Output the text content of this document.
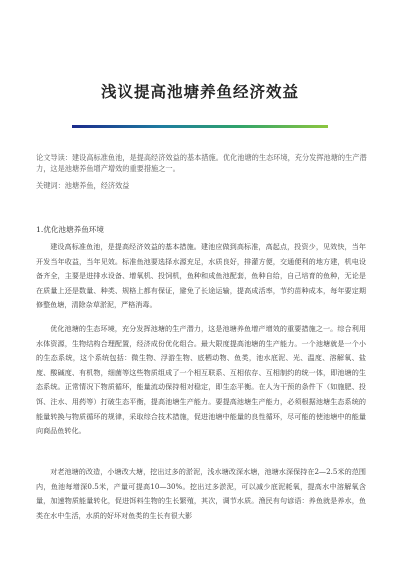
浅议提高池塘养鱼经济效益
论文导读：建设高标准鱼池，是提高经济效益的基本措施。优化池塘的生态环境，充分发挥池塘的生产潜力，这是池塘养鱼增产增效的重要措施之一。
关键词：池塘养鱼，经济效益
1.优化池塘养鱼环境

建设高标准鱼池，是提高经济效益的基本措施。建池应做到高标准，高起点，投资少，见效快，当年开发当年收益，当年见效。标准鱼池要选择水源充足，水质良好，排灌方便，交通便利的地方建，机电设备齐全，主要是进排水设备、增氧机、投饲机，鱼种和成鱼池配套，鱼种自给，自己培育的鱼种，无论是在质量上还是数量、种类、规格上都有保证，避免了长途运输，提高成活率，节约苗种成本，每年要定期修整鱼塘，清除杂草淤泥，严格消毒。

优化池塘的生态环境，充分发挥池塘的生产潜力，这是池塘养鱼增产增效的重要措施之一。综合利用水体资源，生物结构合理配置，经济成份优化组合。最大限度提高池塘的生产能力。一个池塘就是一个小的生态系统，这个系统包括：微生物、浮游生物、底栖动物、鱼类，池水底泥、光、温度、溶解氧、盐度、酸碱度、有机物，细菌等这些物质组成了一个相互联系、互相依存、互相制约的统一体，即池塘的生态系统。正常情况下物质循环，能量流动保持相对稳定，即生态平衡。在人为干预的条件下（如施肥、投饵、注水、用药等）打破生态平衡，提高池塘生产能力。要提高池塘生产能力，必须根据池塘生态系统的能量转换与物质循环的规律，采取综合技术措施，促进池塘中能量的良性循环，尽可能的使池塘中的能量向商品鱼转化。

对老池塘的改造，小塘改大塘，挖出过多的淤泥，浅水塘改深水塘，池塘水深保持在2—2.5米的范围内，鱼池每增深0.5米，产量可提高10—30%。挖出过多淤泥，可以减少底泥耗氧，提高水中溶解氧含量，加速物质能量转化，促进饵料生物的生长繁殖，其次，调节水质。渔民有句谚语：养鱼就是养水，鱼类在水中生活，水质的好坏对鱼类的生长有很大影
